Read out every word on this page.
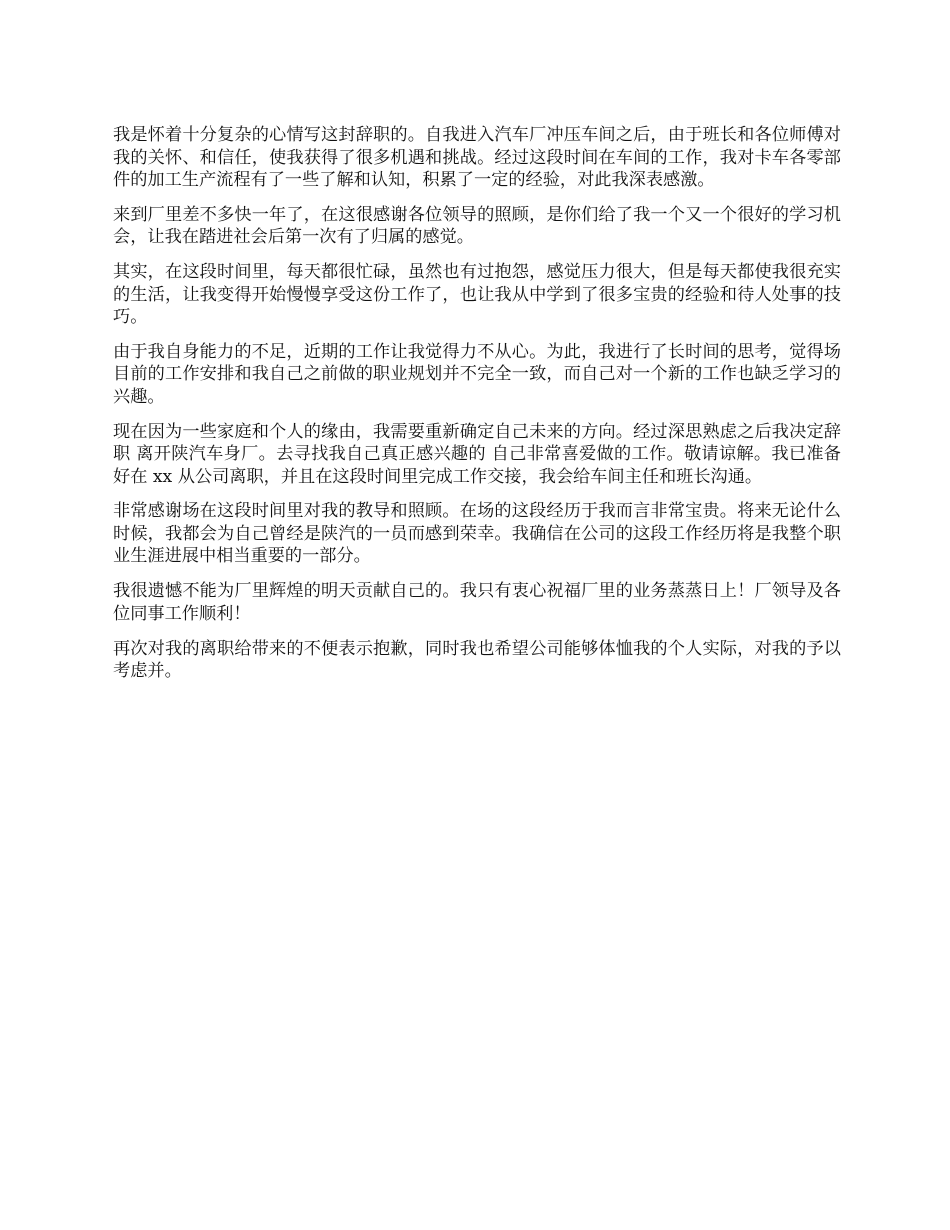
我是怀着十分复杂的心情写这封辞职的。自我进入汽车厂冲压车间之后，由于班长和各位师傅对我的关怀、和信任，使我获得了很多机遇和挑战。经过这段时间在车间的工作，我对卡车各零部件的加工生产流程有了一些了解和认知，积累了一定的经验，对此我深表感激。

来到厂里差不多快一年了，在这很感谢各位领导的照顾，是你们给了我一个又一个很好的学习机会，让我在踏进社会后第一次有了归属的感觉。

其实，在这段时间里，每天都很忙碌，虽然也有过抱怨，感觉压力很大，但是每天都使我很充实的生活，让我变得开始慢慢享受这份工作了，也让我从中学到了很多宝贵的经验和待人处事的技巧。

由于我自身能力的不足，近期的工作让我觉得力不从心。为此，我进行了长时间的思考，觉得场目前的工作安排和我自己之前做的职业规划并不完全一致，而自己对一个新的工作也缺乏学习的兴趣。

现在因为一些家庭和个人的缘由，我需要重新确定自己未来的方向。经过深思熟虑之后我决定辞职 离开陕汽车身厂。去寻找我自己真正感兴趣的 自己非常喜爱做的工作。敬请谅解。我已准备好在 xx 从公司离职，并且在这段时间里完成工作交接，我会给车间主任和班长沟通。

非常感谢场在这段时间里对我的教导和照顾。在场的这段经历于我而言非常宝贵。将来无论什么时候，我都会为自己曾经是陕汽的一员而感到荣幸。我确信在公司的这段工作经历将是我整个职业生涯进展中相当重要的一部分。

我很遗憾不能为厂里辉煌的明天贡献自己的。我只有衷心祝福厂里的业务蒸蒸日上！厂领导及各位同事工作顺利！

再次对我的离职给带来的不便表示抱歉，同时我也希望公司能够体恤我的个人实际，对我的予以考虑并。
